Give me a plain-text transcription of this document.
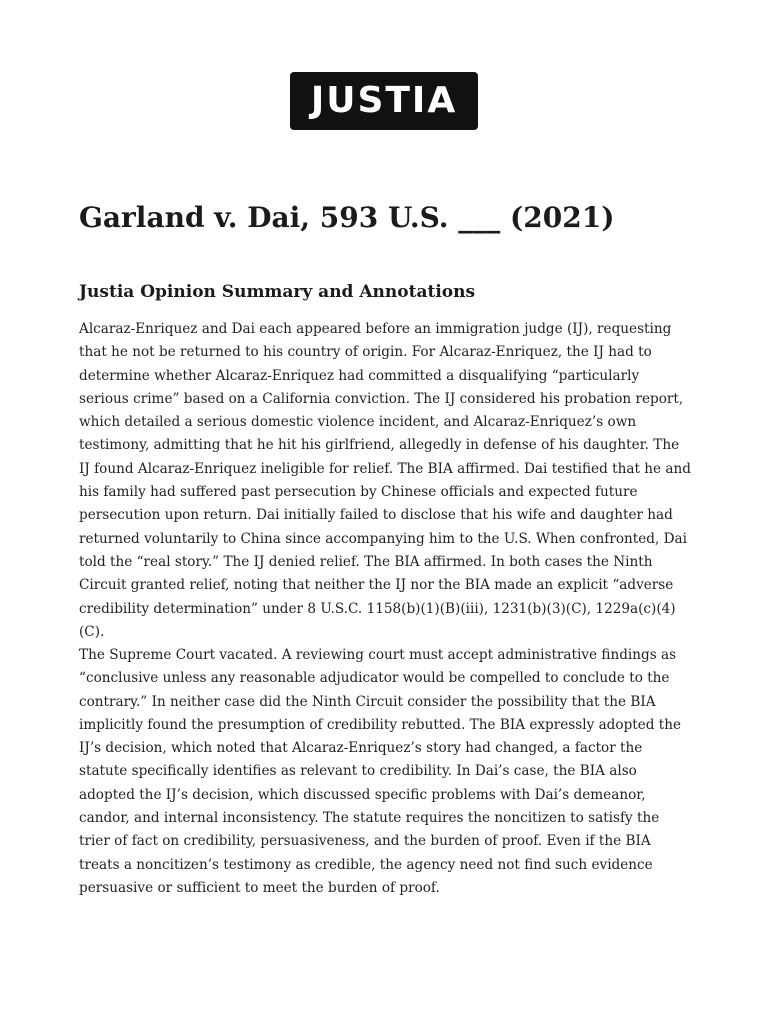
JUSTIA
Garland v. Dai, 593 U.S. ___ (2021)
Justia Opinion Summary and Annotations

Alcaraz-Enriquez and Dai each appeared before an immigration judge (IJ), requesting that he not be returned to his country of origin. For Alcaraz-Enriquez, the IJ had to determine whether Alcaraz-Enriquez had committed a disqualifying “particularly serious crime” based on a California conviction. The IJ considered his probation report, which detailed a serious domestic violence incident, and Alcaraz-Enriquez’s own testimony, admitting that he hit his girlfriend, allegedly in defense of his daughter. The IJ found Alcaraz-Enriquez ineligible for relief. The BIA affirmed. Dai testified that he and his family had suffered past persecution by Chinese officials and expected future persecution upon return. Dai initially failed to disclose that his wife and daughter had returned voluntarily to China since accompanying him to the U.S. When confronted, Dai told the “real story.” The IJ denied relief. The BIA affirmed. In both cases the Ninth Circuit granted relief, noting that neither the IJ nor the BIA made an explicit “adverse credibility determination” under 8 U.S.C. 1158(b)(1)(B)(iii), 1231(b)(3)(C), 1229a(c)(4)(C).

The Supreme Court vacated. A reviewing court must accept administrative findings as “conclusive unless any reasonable adjudicator would be compelled to conclude to the contrary.” In neither case did the Ninth Circuit consider the possibility that the BIA implicitly found the presumption of credibility rebutted. The BIA expressly adopted the IJ’s decision, which noted that Alcaraz-Enriquez’s story had changed, a factor the statute specifically identifies as relevant to credibility. In Dai’s case, the BIA also adopted the IJ’s decision, which discussed specific problems with Dai’s demeanor, candor, and internal inconsistency. The statute requires the noncitizen to satisfy the trier of fact on credibility, persuasiveness, and the burden of proof. Even if the BIA treats a noncitizen’s testimony as credible, the agency need not find such evidence persuasive or sufficient to meet the burden of proof.
